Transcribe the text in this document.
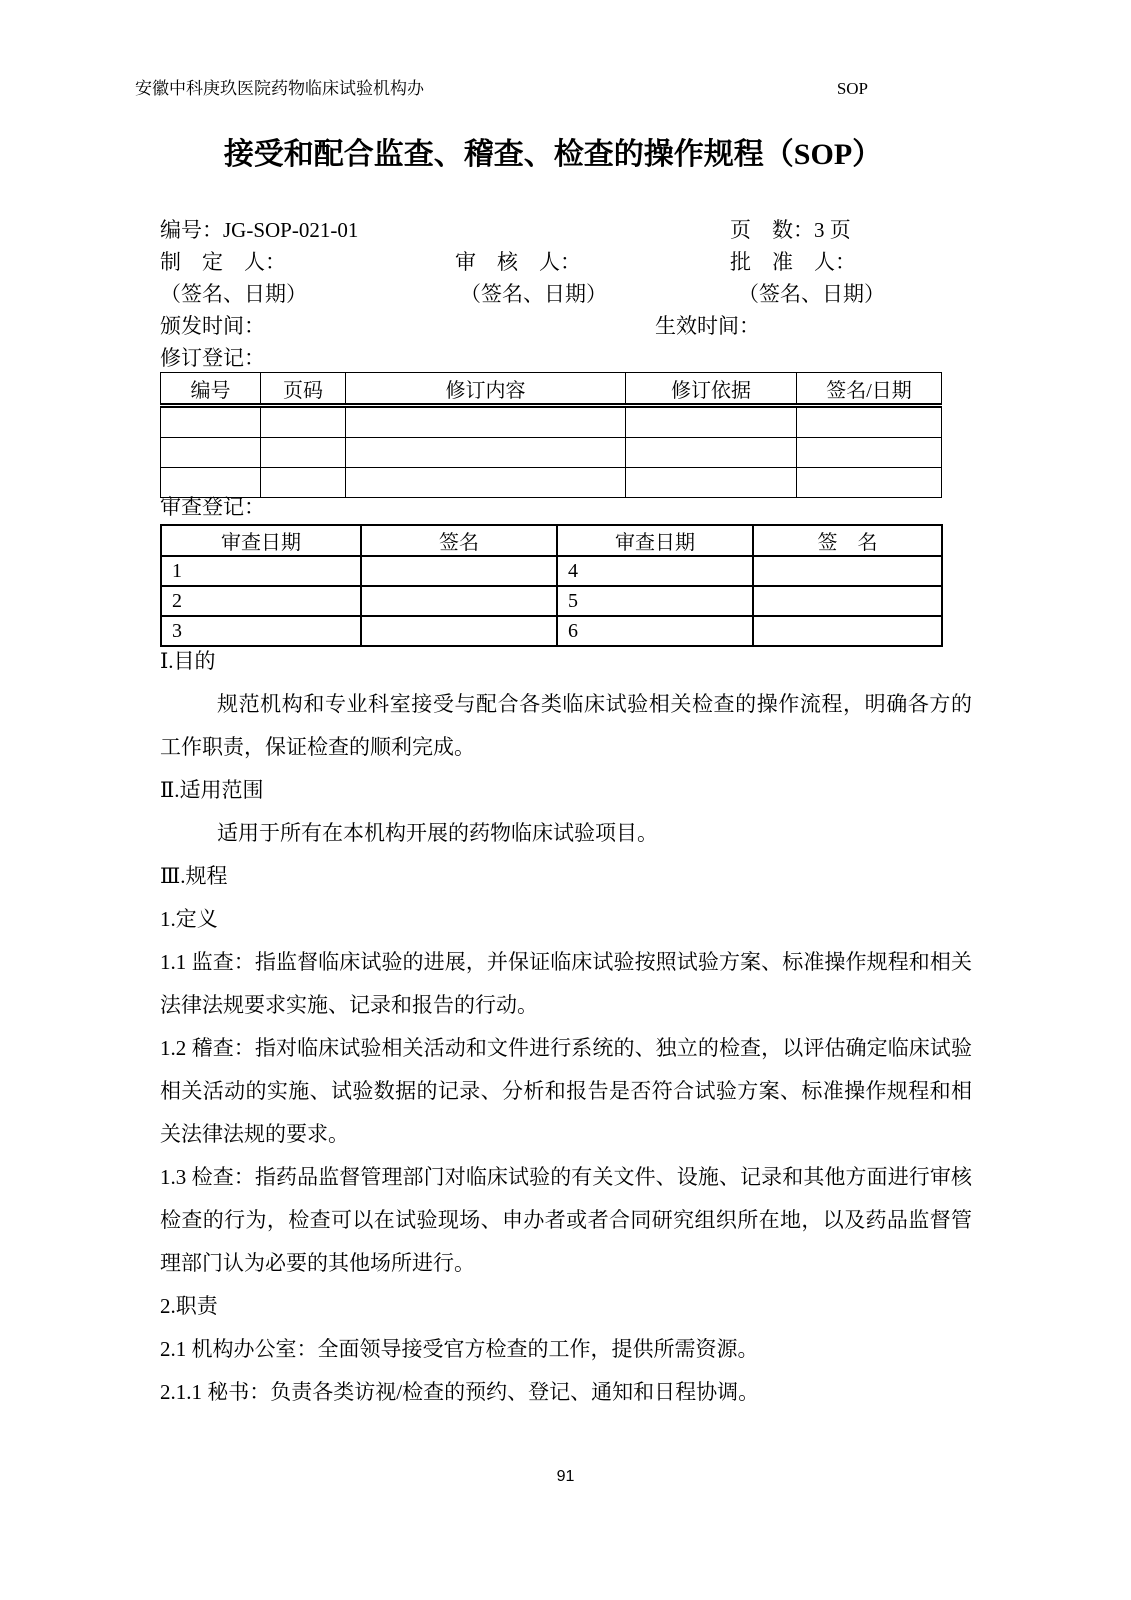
安徽中科庚玖医院药物临床试验机构办	SOP
接受和配合监查、稽查、检查的操作规程（SOP）
编号：JG-SOP-021-01	页　数：3 页
制　定　人：	审　核　人：	批　准　人：
（签名、日期）	（签名、日期）	（签名、日期）
颁发时间：	生效时间：
修订登记：
编号	页码	修订内容	修订依据	签名/日期

审查登记：
审查日期	签名	审查日期	签　名
1		4	
2		5	
3		6	

Ⅰ.目的

规范机构和专业科室接受与配合各类临床试验相关检查的操作流程，明确各方的工作职责，保证检查的顺利完成。

Ⅱ.适用范围

适用于所有在本机构开展的药物临床试验项目。

Ⅲ.规程

1.定义

1.1 监查：指监督临床试验的进展，并保证临床试验按照试验方案、标准操作规程和相关法律法规要求实施、记录和报告的行动。

1.2 稽查：指对临床试验相关活动和文件进行系统的、独立的检查，以评估确定临床试验相关活动的实施、试验数据的记录、分析和报告是否符合试验方案、标准操作规程和相关法律法规的要求。

1.3 检查：指药品监督管理部门对临床试验的有关文件、设施、记录和其他方面进行审核检查的行为，检查可以在试验现场、申办者或者合同研究组织所在地，以及药品监督管理部门认为必要的其他场所进行。

2.职责

2.1 机构办公室：全面领导接受官方检查的工作，提供所需资源。

2.1.1 秘书：负责各类访视/检查的预约、登记、通知和日程协调。

91
